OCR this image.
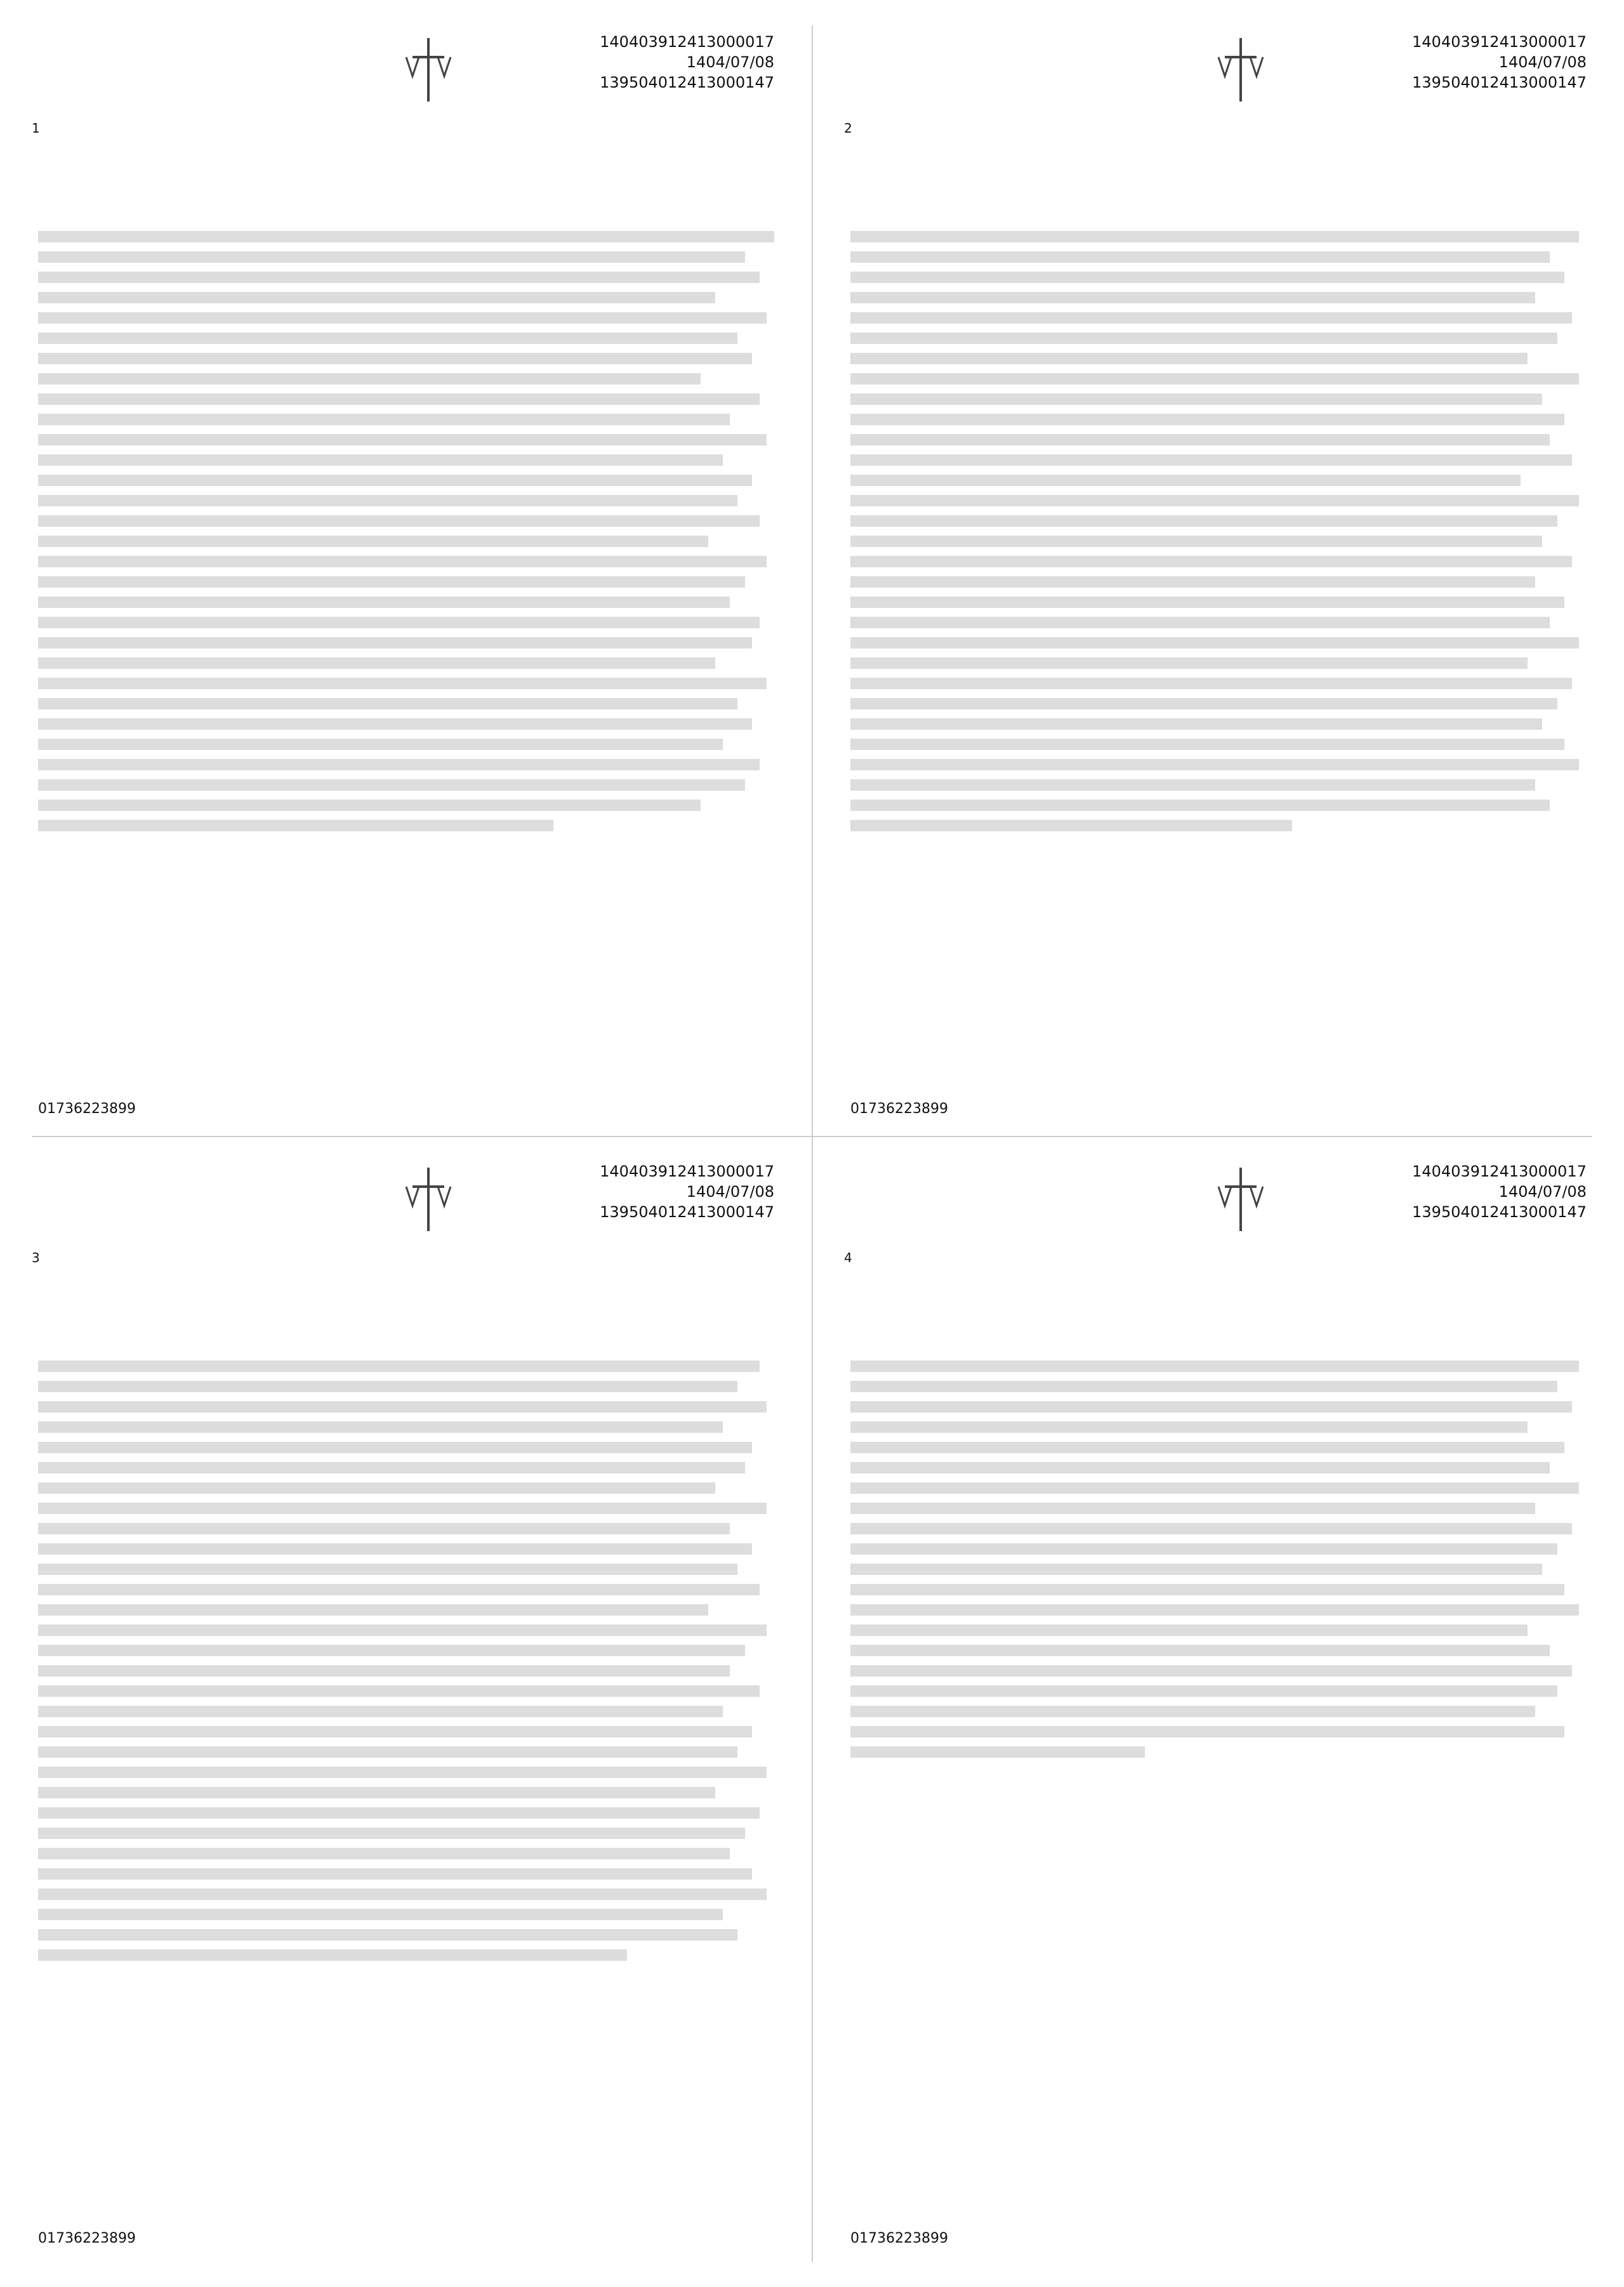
140403912413000017
1404/07/08
139504012413000147
1
01736223899
140403912413000017
1404/07/08
139504012413000147
2
01736223899
140403912413000017
1404/07/08
139504012413000147
3
01736223899
140403912413000017
1404/07/08
139504012413000147
4
01736223899
